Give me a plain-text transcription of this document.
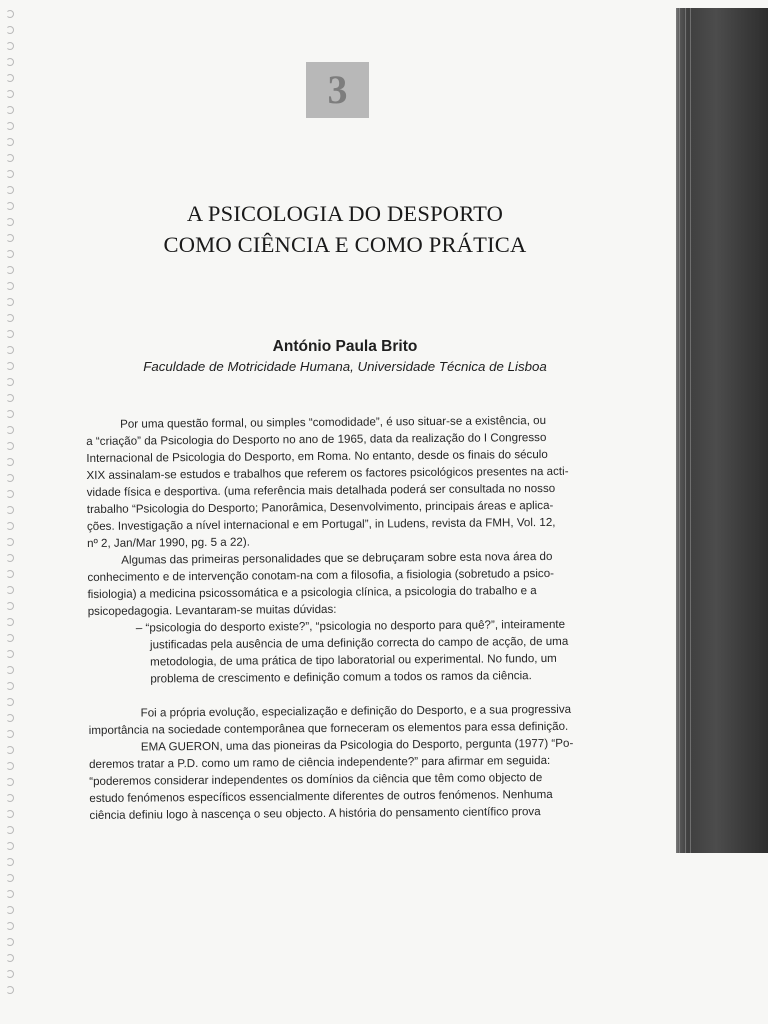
3
A PSICOLOGIA DO DESPORTO
COMO CIÊNCIA E COMO PRÁTICA
António Paula Brito
Faculdade de Motricidade Humana, Universidade Técnica de Lisboa
Por uma questão formal, ou simples “comodidade”, é uso situar-se a existência, ou
a “criação” da Psicologia do Desporto no ano de 1965, data da realização do I Congresso
Internacional de Psicologia do Desporto, em Roma. No entanto, desde os finais do século
XIX assinalam-se estudos e trabalhos que referem os factores psicológicos presentes na acti-
vidade física e desportiva. (uma referência mais detalhada poderá ser consultada no nosso
trabalho “Psicologia do Desporto; Panorâmica, Desenvolvimento, principais áreas e aplica-
ções. Investigação a nível internacional e em Portugal”, in Ludens, revista da FMH, Vol. 12,
nº 2, Jan/Mar 1990, pg. 5 a 22).
Algumas das primeiras personalidades que se debruçaram sobre esta nova área do
conhecimento e de intervenção conotam-na com a filosofia, a fisiologia (sobretudo a psico-
fisiologia) a medicina psicossomática e a psicologia clínica, a psicologia do trabalho e a
psicopedagogia. Levantaram-se muitas dúvidas:
– “psicologia do desporto existe?”, “psicologia no desporto para quê?”, inteiramente
justificadas pela ausência de uma definição correcta do campo de acção, de uma
metodologia, de uma prática de tipo laboratorial ou experimental. No fundo, um
problema de crescimento e definição comum a todos os ramos da ciência.
Foi a própria evolução, especialização e definição do Desporto, e a sua progressiva
importância na sociedade contemporânea que forneceram os elementos para essa definição.
EMA GUERON, uma das pioneiras da Psicologia do Desporto, pergunta (1977) “Po-
deremos tratar a P.D. como um ramo de ciência independente?” para afirmar em seguida:
“poderemos considerar independentes os domínios da ciência que têm como objecto de
estudo fenómenos específicos essencialmente diferentes de outros fenómenos. Nenhuma
ciência definiu logo à nascença o seu objecto. A história do pensamento científico prova
